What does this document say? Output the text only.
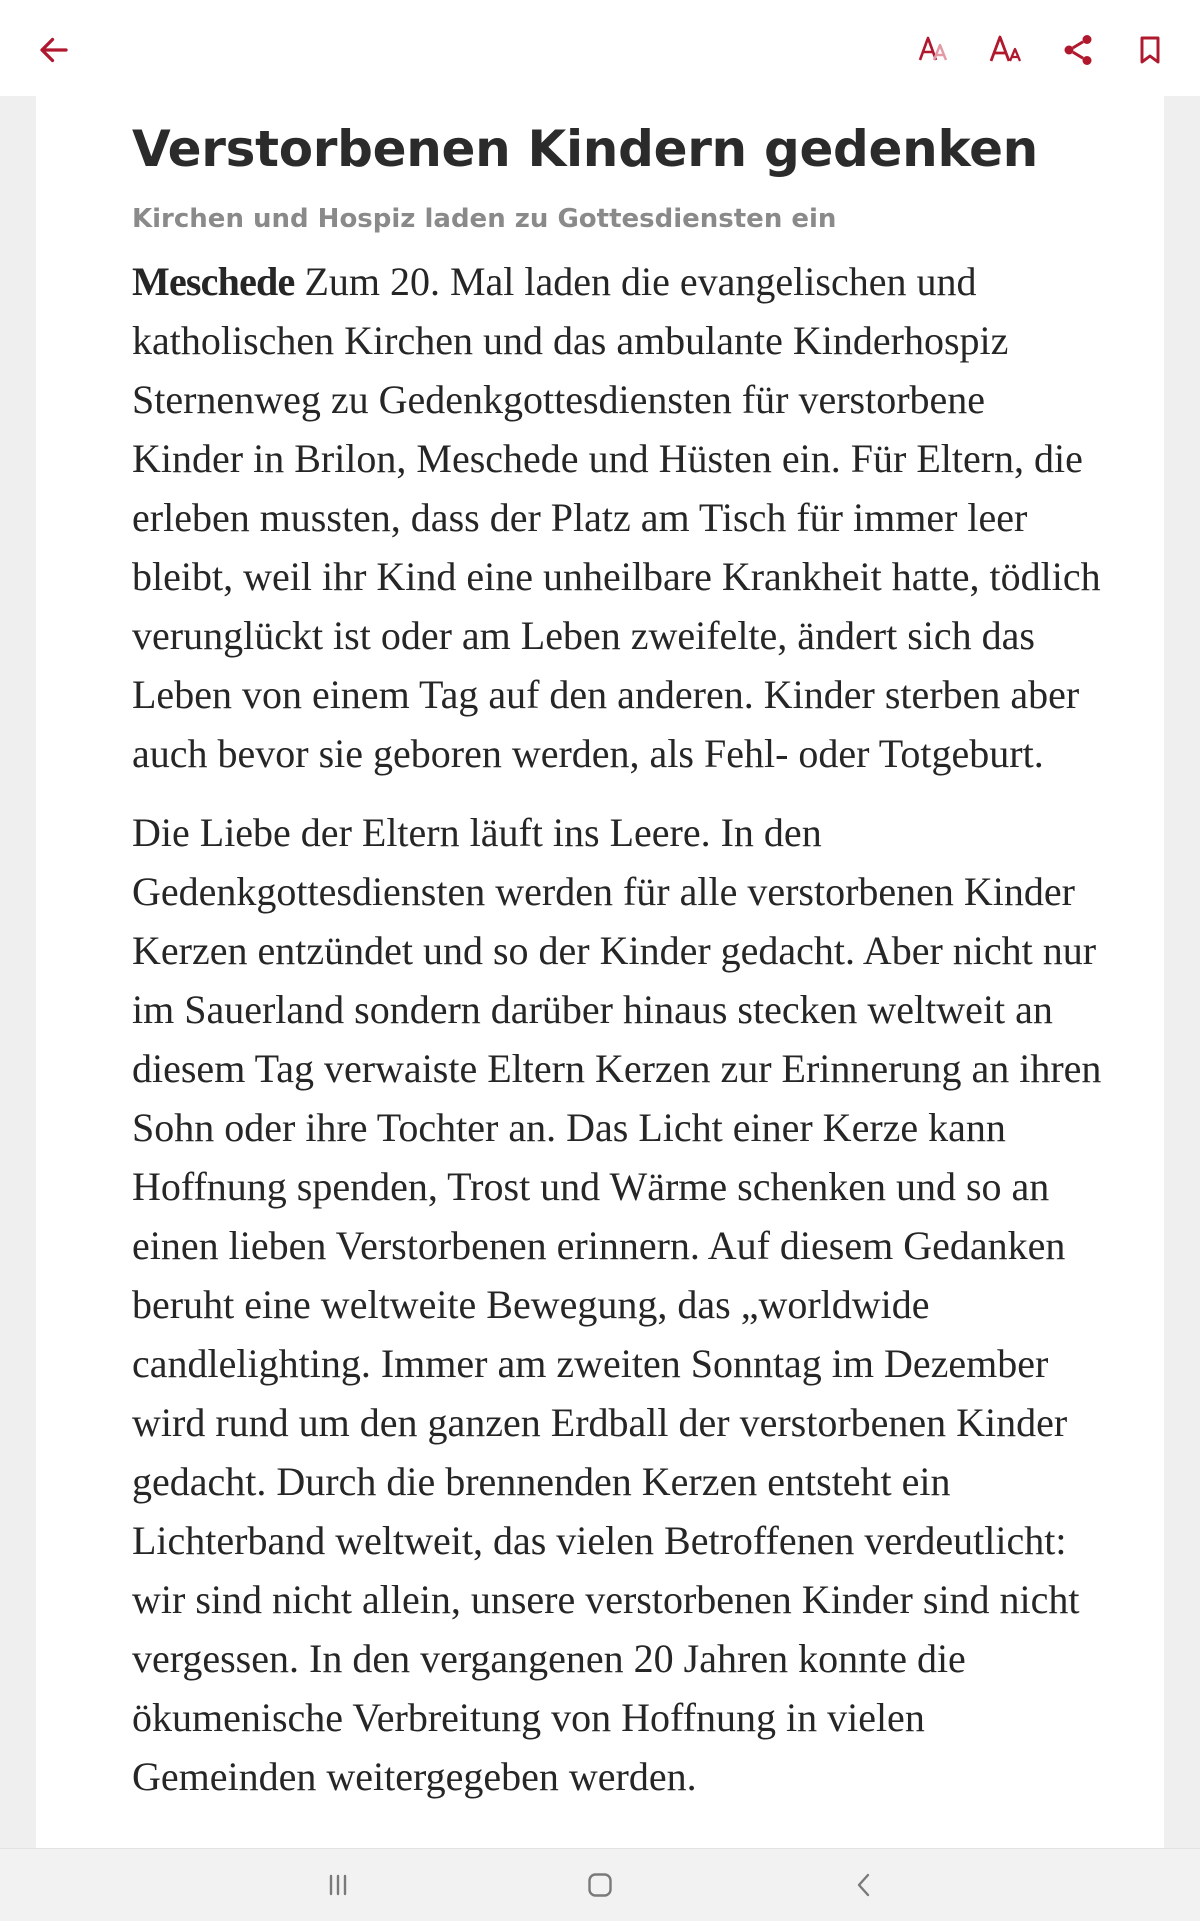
Verstorbenen Kindern gedenken
Kirchen und Hospiz laden zu Gottesdiensten ein

Meschede Zum 20. Mal laden die evangelischen und katholischen Kirchen und das ambulante Kinderhospiz Sternenweg zu Gedenkgottesdiensten für verstorbene Kinder in Brilon, Meschede und Hüsten ein. Für Eltern, die erleben mussten, dass der Platz am Tisch für immer leer bleibt, weil ihr Kind eine unheilbare Krankheit hatte, tödlich verunglückt ist oder am Leben zweifelte, ändert sich das Leben von einem Tag auf den anderen. Kinder sterben aber auch bevor sie geboren werden, als Fehl- oder Totgeburt.

Die Liebe der Eltern läuft ins Leere. In den Gedenkgottesdiensten werden für alle verstorbenen Kinder Kerzen entzündet und so der Kinder gedacht. Aber nicht nur im Sauerland sondern darüber hinaus stecken weltweit an diesem Tag verwaiste Eltern Kerzen zur Erinnerung an ihren Sohn oder ihre Tochter an. Das Licht einer Kerze kann Hoffnung spenden, Trost und Wärme schenken und so an einen lieben Verstorbenen erinnern. Auf diesem Gedanken beruht eine weltweite Bewegung, das „worldwide candlelighting. Immer am zweiten Sonntag im Dezember wird rund um den ganzen Erdball der verstorbenen Kinder gedacht. Durch die brennenden Kerzen entsteht ein Lichterband weltweit, das vielen Betroffenen verdeutlicht: wir sind nicht allein, unsere verstorbenen Kinder sind nicht vergessen. In den vergangenen 20 Jahren konnte die ökumenische Verbreitung von Hoffnung in vielen Gemeinden weitergegeben werden.
